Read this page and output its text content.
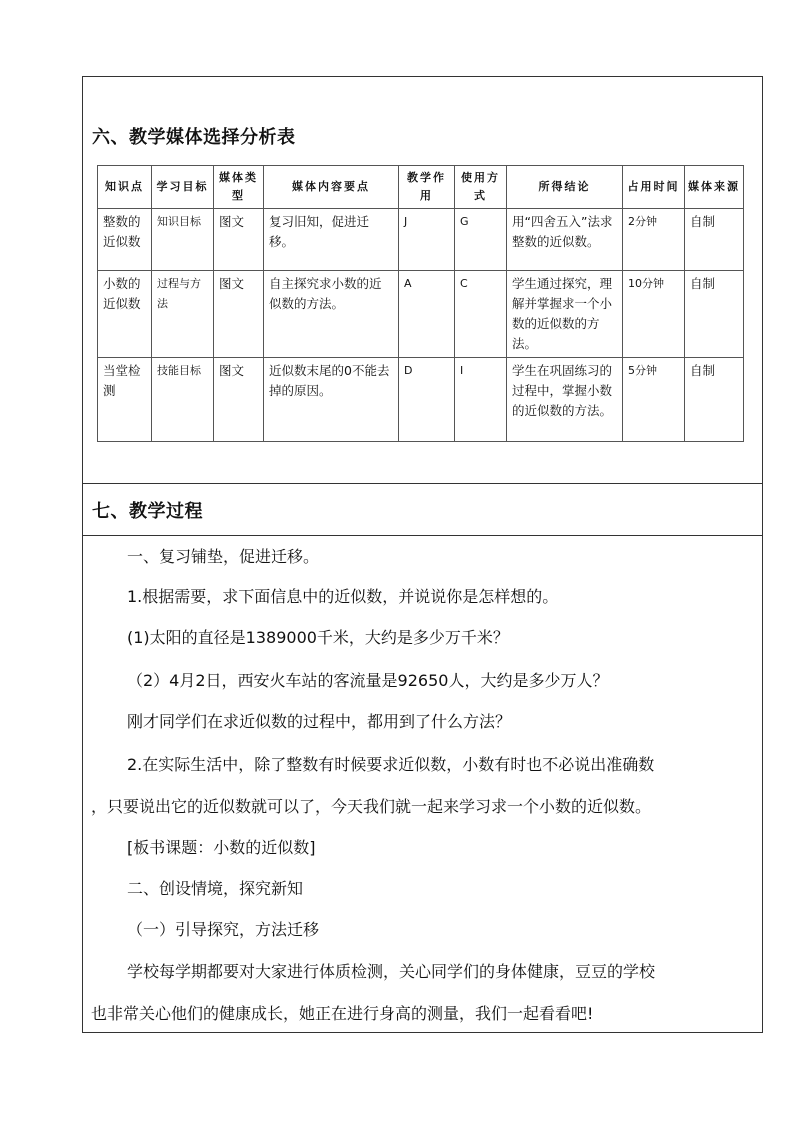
六、教学媒体选择分析表
知识点	学习目标	媒体类型	媒体内容要点	教学作用	使用方式	所得结论	占用时间	媒体来源
整数的近似数	知识目标	图文	复习旧知，促进迁移。	J	G	用“四舍五入”法求整数的近似数。	2分钟	自制
小数的近似数	过程与方法	图文	自主探究求小数的近似数的方法。	A	C	学生通过探究，理解并掌握求一个小数的近似数的方法。	10分钟	自制
当堂检测	技能目标	图文	近似数末尾的0不能去掉的原因。	D	I	学生在巩固练习的过程中，掌握小数的近似数的方法。	5分钟	自制
七、教学过程
一、复习铺垫，促进迁移。
1.根据需要，求下面信息中的近似数，并说说你是怎样想的。
(1)太阳的直径是1389000千米，大约是多少万千米？
（2）4月2日，西安火车站的客流量是92650人，大约是多少万人？
刚才同学们在求近似数的过程中，都用到了什么方法？
2.在实际生活中，除了整数有时候要求近似数，小数有时也不必说出准确数
，只要说出它的近似数就可以了，今天我们就一起来学习求一个小数的近似数。
[板书课题：小数的近似数]
二、创设情境，探究新知
（一）引导探究，方法迁移
学校每学期都要对大家进行体质检测，关心同学们的身体健康，豆豆的学校
也非常关心他们的健康成长，她正在进行身高的测量，我们一起看看吧!
